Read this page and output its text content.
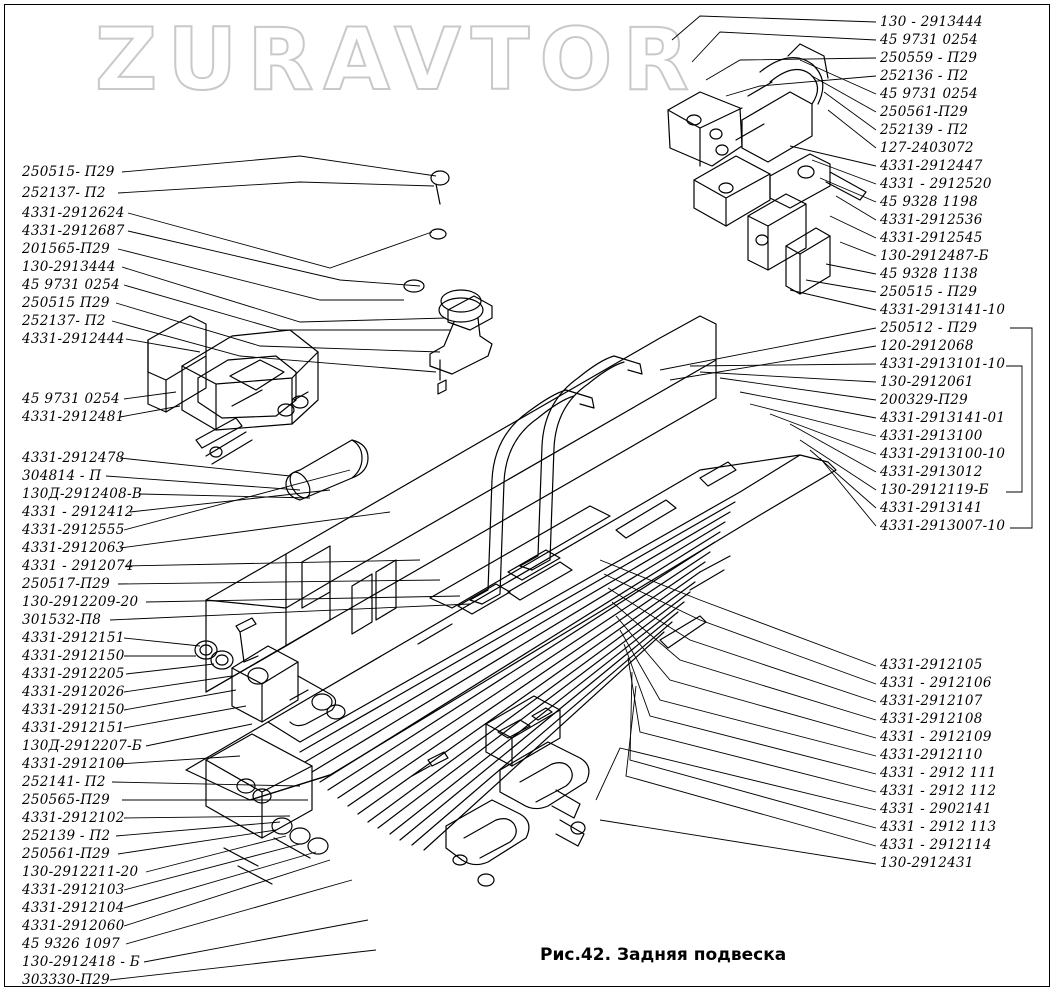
ZURAVTOR
250515- П29
252137- П2
4331-2912624
4331-2912687
201565-П29
130-2913444
45 9731 0254
250515 П29
252137- П2
4331-2912444
45 9731 0254
4331-2912481
4331-2912478
304814 - П
130Д-2912408-В
4331 - 2912412
4331-2912555
4331-2912063
4331 - 2912074
250517-П29
130-2912209-20
301532-П8
4331-2912151
4331-2912150
4331-2912205
4331-2912026
4331-2912150
4331-2912151
130Д-2912207-Б
4331-2912100
252141- П2
250565-П29
4331-2912102
252139 - П2
250561-П29
130-2912211-20
4331-2912103
4331-2912104
4331-2912060
45 9326 1097
130-2912418 - Б
303330-П29
130 - 2913444
45 9731 0254
250559 - П29
252136 - П2
45 9731 0254
250561-П29
252139 - П2
127-2403072
4331-2912447
4331 - 2912520
45 9328 1198
4331-2912536
4331-2912545
130-2912487-Б
45 9328 1138
250515 - П29
4331-2913141-10
250512 - П29
120-2912068
4331-2913101-10
130-2912061
200329-П29
4331-2913141-01
4331-2913100
4331-2913100-10
4331-2913012
130-2912119-Б
4331-2913141
4331-2913007-10
4331-2912105
4331 - 2912106
4331-2912107
4331-2912108
4331 - 2912109
4331-2912110
4331 - 2912 111
4331 - 2912 112
4331 - 2902141
4331 - 2912 113
4331 - 2912114
130-2912431
Рис.42. Задняя подвеска
